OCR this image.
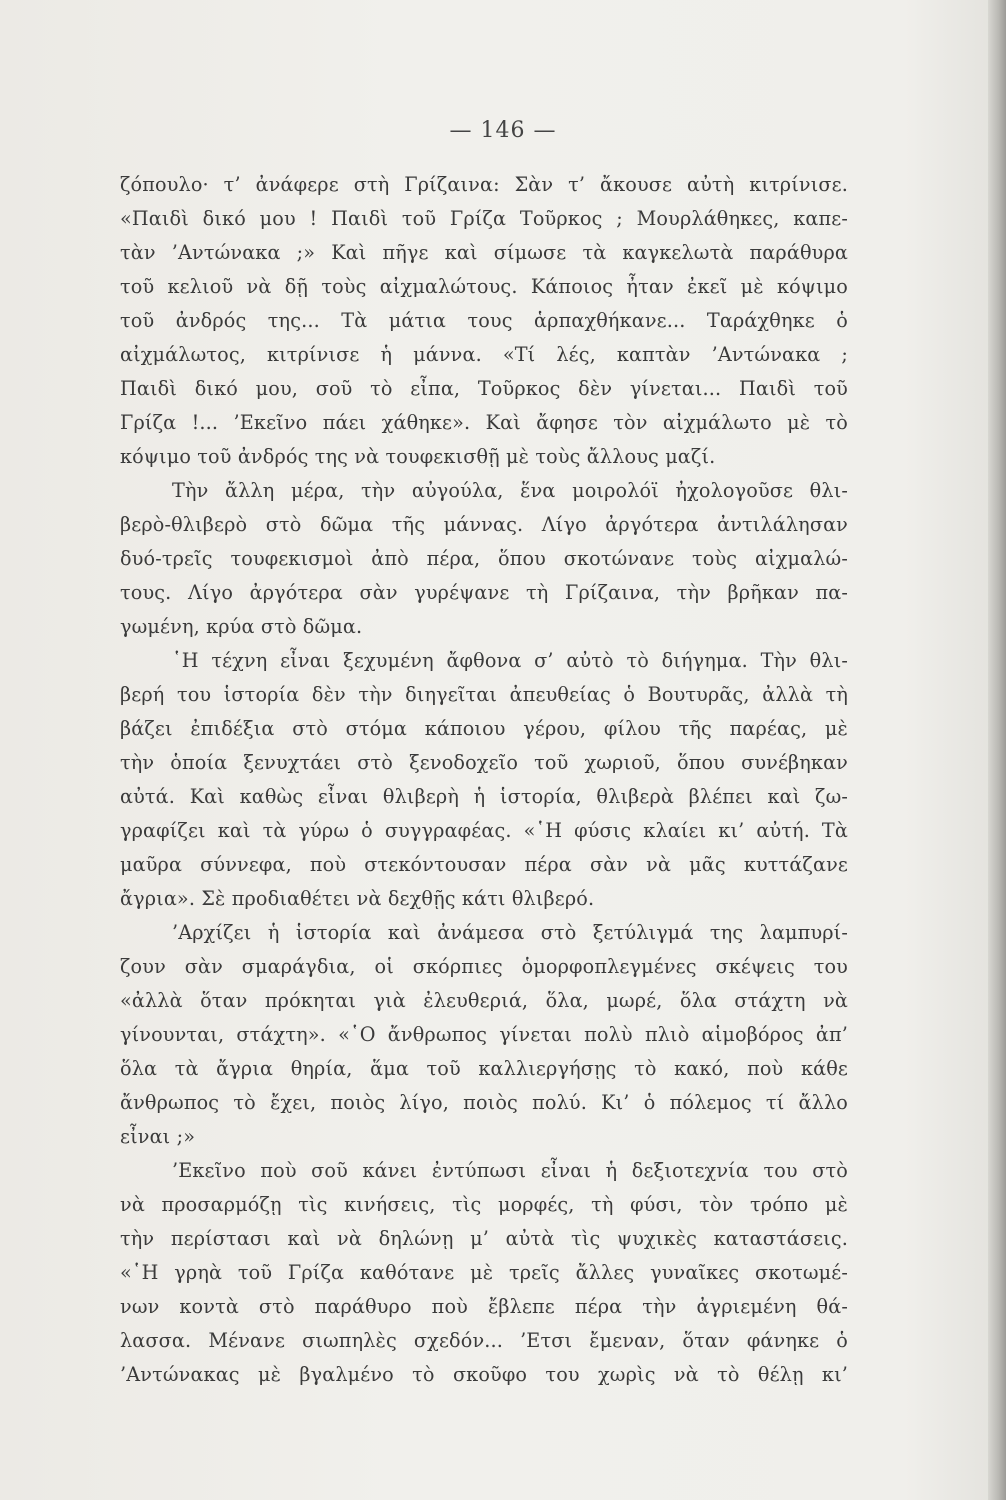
— 146 —
ζόπουλο· τ’ ἀνάφερε στὴ Γρίζαινα: Σὰν τ’ ἄκουσε αὐτὴ κιτρίνισε.
«Παιδὶ δικό μου ! Παιδὶ τοῦ Γρίζα Τοῦρκος ; Μουρλάθηκες, καπε-
τὰν ’Αντώνακα ;» Καὶ πῆγε καὶ σίμωσε τὰ καγκελωτὰ παράθυρα
τοῦ κελιοῦ νὰ δῇ τοὺς αἰχμαλώτους. Κάποιος ἦταν ἐκεῖ μὲ κόψιμο
τοῦ ἀνδρός της... Τὰ μάτια τους ἁρπαχθήκανε... Ταράχθηκε ὁ
αἰχμάλωτος, κιτρίνισε ἡ μάννα. «Τί λές, καπτὰν ’Αντώνακα ;
Παιδὶ δικό μου, σοῦ τὸ εἶπα, Τοῦρκος δὲν γίνεται... Παιδὶ τοῦ
Γρίζα !... ’Εκεῖνο πάει χάθηκε». Καὶ ἄφησε τὸν αἰχμάλωτο μὲ τὸ
κόψιμο τοῦ ἀνδρός της νὰ τουφεκισθῇ μὲ τοὺς ἄλλους μαζί.
Τὴν ἄλλη μέρα, τὴν αὐγούλα, ἕνα μοιρολόϊ ἠχολογοῦσε θλι-
βερὸ-θλιβερὸ στὸ δῶμα τῆς μάννας. Λίγο ἀργότερα ἀντιλάλησαν
δυό-τρεῖς τουφεκισμοὶ ἀπὸ πέρα, ὅπου σκοτώνανε τοὺς αἰχμαλώ-
τους. Λίγο ἀργότερα σὰν γυρέψανε τὴ Γρίζαινα, τὴν βρῆκαν πα-
γωμένη, κρύα στὸ δῶμα.
῾Η τέχνη εἶναι ξεχυμένη ἄφθονα σ’ αὐτὸ τὸ διήγημα. Τὴν θλι-
βερή του ἱστορία δὲν τὴν διηγεῖται ἀπευθείας ὁ Βουτυρᾶς, ἀλλὰ τὴ
βάζει ἐπιδέξια στὸ στόμα κάποιου γέρου, φίλου τῆς παρέας, μὲ
τὴν ὁποία ξενυχτάει στὸ ξενοδοχεῖο τοῦ χωριοῦ, ὅπου συνέβηκαν
αὐτά. Καὶ καθὼς εἶναι θλιβερὴ ἡ ἱστορία, θλιβερὰ βλέπει καὶ ζω-
γραφίζει καὶ τὰ γύρω ὁ συγγραφέας. «῾Η φύσις κλαίει κι’ αὐτή. Τὰ
μαῦρα σύννεφα, ποὺ στεκόντουσαν πέρα σὰν νὰ μᾶς κυττάζανε
ἄγρια». Σὲ προδιαθέτει νὰ δεχθῇς κάτι θλιβερό.
’Αρχίζει ἡ ἱστορία καὶ ἀνάμεσα στὸ ξετύλιγμά της λαμπυρί-
ζουν σὰν σμαράγδια, οἱ σκόρπιες ὁμορφοπλεγμένες σκέψεις του
«ἀλλὰ ὅταν πρόκηται γιὰ ἐλευθεριά, ὅλα, μωρέ, ὅλα στάχτη νὰ
γίνουνται, στάχτη». «῾Ο ἄνθρωπος γίνεται πολὺ πλιὸ αἱμοβόρος ἀπ’
ὅλα τὰ ἄγρια θηρία, ἅμα τοῦ καλλιεργήσῃς τὸ κακό, ποὺ κάθε
ἄνθρωπος τὸ ἔχει, ποιὸς λίγο, ποιὸς πολύ. Κι’ ὁ πόλεμος τί ἄλλο
εἶναι ;»
’Εκεῖνο ποὺ σοῦ κάνει ἐντύπωσι εἶναι ἡ δεξιοτεχνία του στὸ
νὰ προσαρμόζῃ τὶς κινήσεις, τὶς μορφές, τὴ φύσι, τὸν τρόπο μὲ
τὴν περίστασι καὶ νὰ δηλώνῃ μ’ αὐτὰ τὶς ψυχικὲς καταστάσεις.
«῾Η γρηὰ τοῦ Γρίζα καθότανε μὲ τρεῖς ἄλλες γυναῖκες σκοτωμέ-
νων κοντὰ στὸ παράθυρο ποὺ ἔβλεπε πέρα τὴν ἀγριεμένη θά-
λασσα. Μένανε σιωπηλὲς σχεδόν... ’Ετσι ἔμεναν, ὅταν φάνηκε ὁ
’Αντώνακας μὲ βγαλμένο τὸ σκοῦφο του χωρὶς νὰ τὸ θέλῃ κι’
